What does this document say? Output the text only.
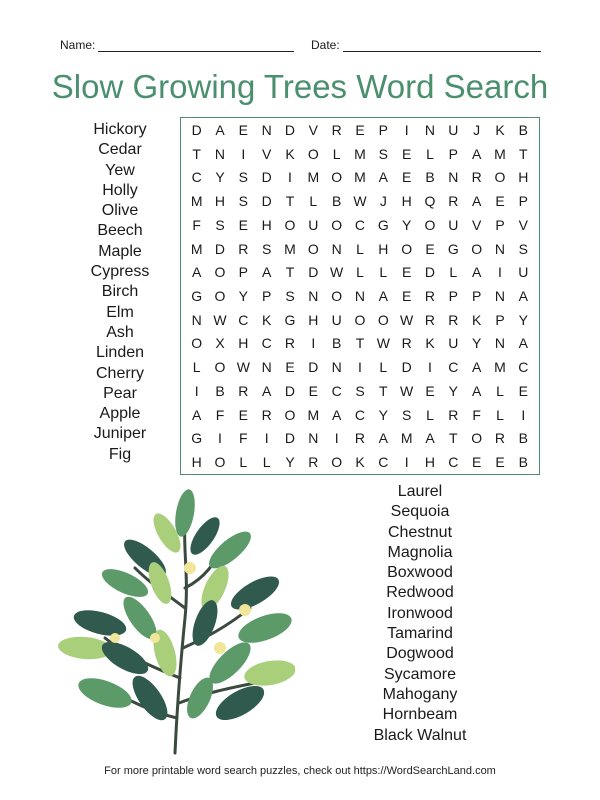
Name:	Date:
Slow Growing Trees Word Search
Hickory
Cedar
Yew
Holly
Olive
Beech
Maple
Cypress
Birch
Elm
Ash
Linden
Cherry
Pear
Apple
Juniper
Fig
D A	E N D V R E	P	I	N U	J	K	B
T N	I	V K O	L M S E	L	P A M T
C Y	S D	I	M O M A E B N R O H
M H S D T	L	B W J	H Q R A E	P
F	S	E H O U O C G Y O U V P	V
M D R S M O N	L	H O E G O N S
A O P A	T	D W L	L	E D	L	A	I	U
G O Y P S N O N A E R P P N A
N W C K G H U O O W R R K P	Y
O X H C R	I	B	T W R K U Y N A
L O W N E D N	I	L	D	I	C A M C
I	B R A D E C S	T W E	Y A	L	E
A	F	E R O M A C Y S	L	R F	L	I
G	I	F	I	D N	I	R A M A	T O R B
H O L	L	Y R O K C	I	H C E E	B
Laurel
Sequoia
Chestnut
Magnolia
Boxwood
Redwood
Ironwood
Tamarind
Dogwood
Sycamore
Mahogany
Hornbeam
Black Walnut
For more printable word search puzzles, check out https://WordSearchLand.com
